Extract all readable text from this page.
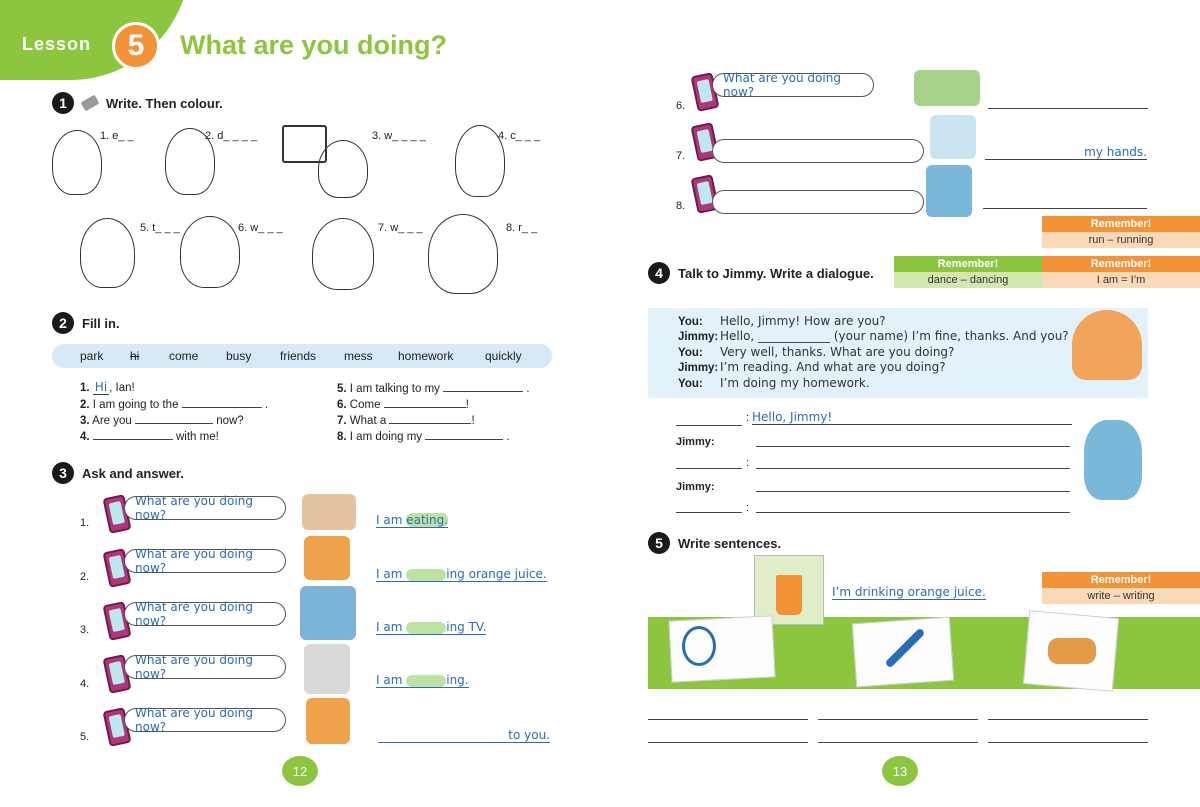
Lesson 5 What are you doing?
1	Write. Then colour.
1. e_ _	2. d_ _ _ _	3. w_ _ _ _	4. c_ _ _
5. t_ _ _	6. w_ _ _	7. w_ _ _	8. r_ _
2	Fill in.
park hi come busy friends mess homework	quickly
1. Hi , Ian!
2. I am going to the	.
3. Are you	now?
4.	with me!
5. I am talking to my	.
6. Come	!
7. What a	!
8. I am doing my	.
3	Ask and answer.
1.
What are you doing now?	I am eating.
2.
What are you doing now?	I am	ing orange juice.
3.
What are you doing now?	I am	ing TV.
4.
What are you doing now?	I am	ing.
5.
What are you doing now?
to you.
12
6.
What are you doing now?
7.	my hands.
8.
Remember!
run – running
Remember!
dance – dancing
Remember!
I am = I’m
4	Talk to Jimmy. Write a dialogue.
You: Hello, Jimmy! How are you?
Jimmy: Hello, ____________ (your name) I’m fine, thanks. And you?
You: Very well, thanks. What are you doing?
Jimmy: I’m reading. And what are you doing?
You: I’m doing my homework.
: Hello, Jimmy!
Jimmy:
:
Jimmy:
:
5	Write sentences.
I’m drinking orange juice.
Remember!
write – writing
13
